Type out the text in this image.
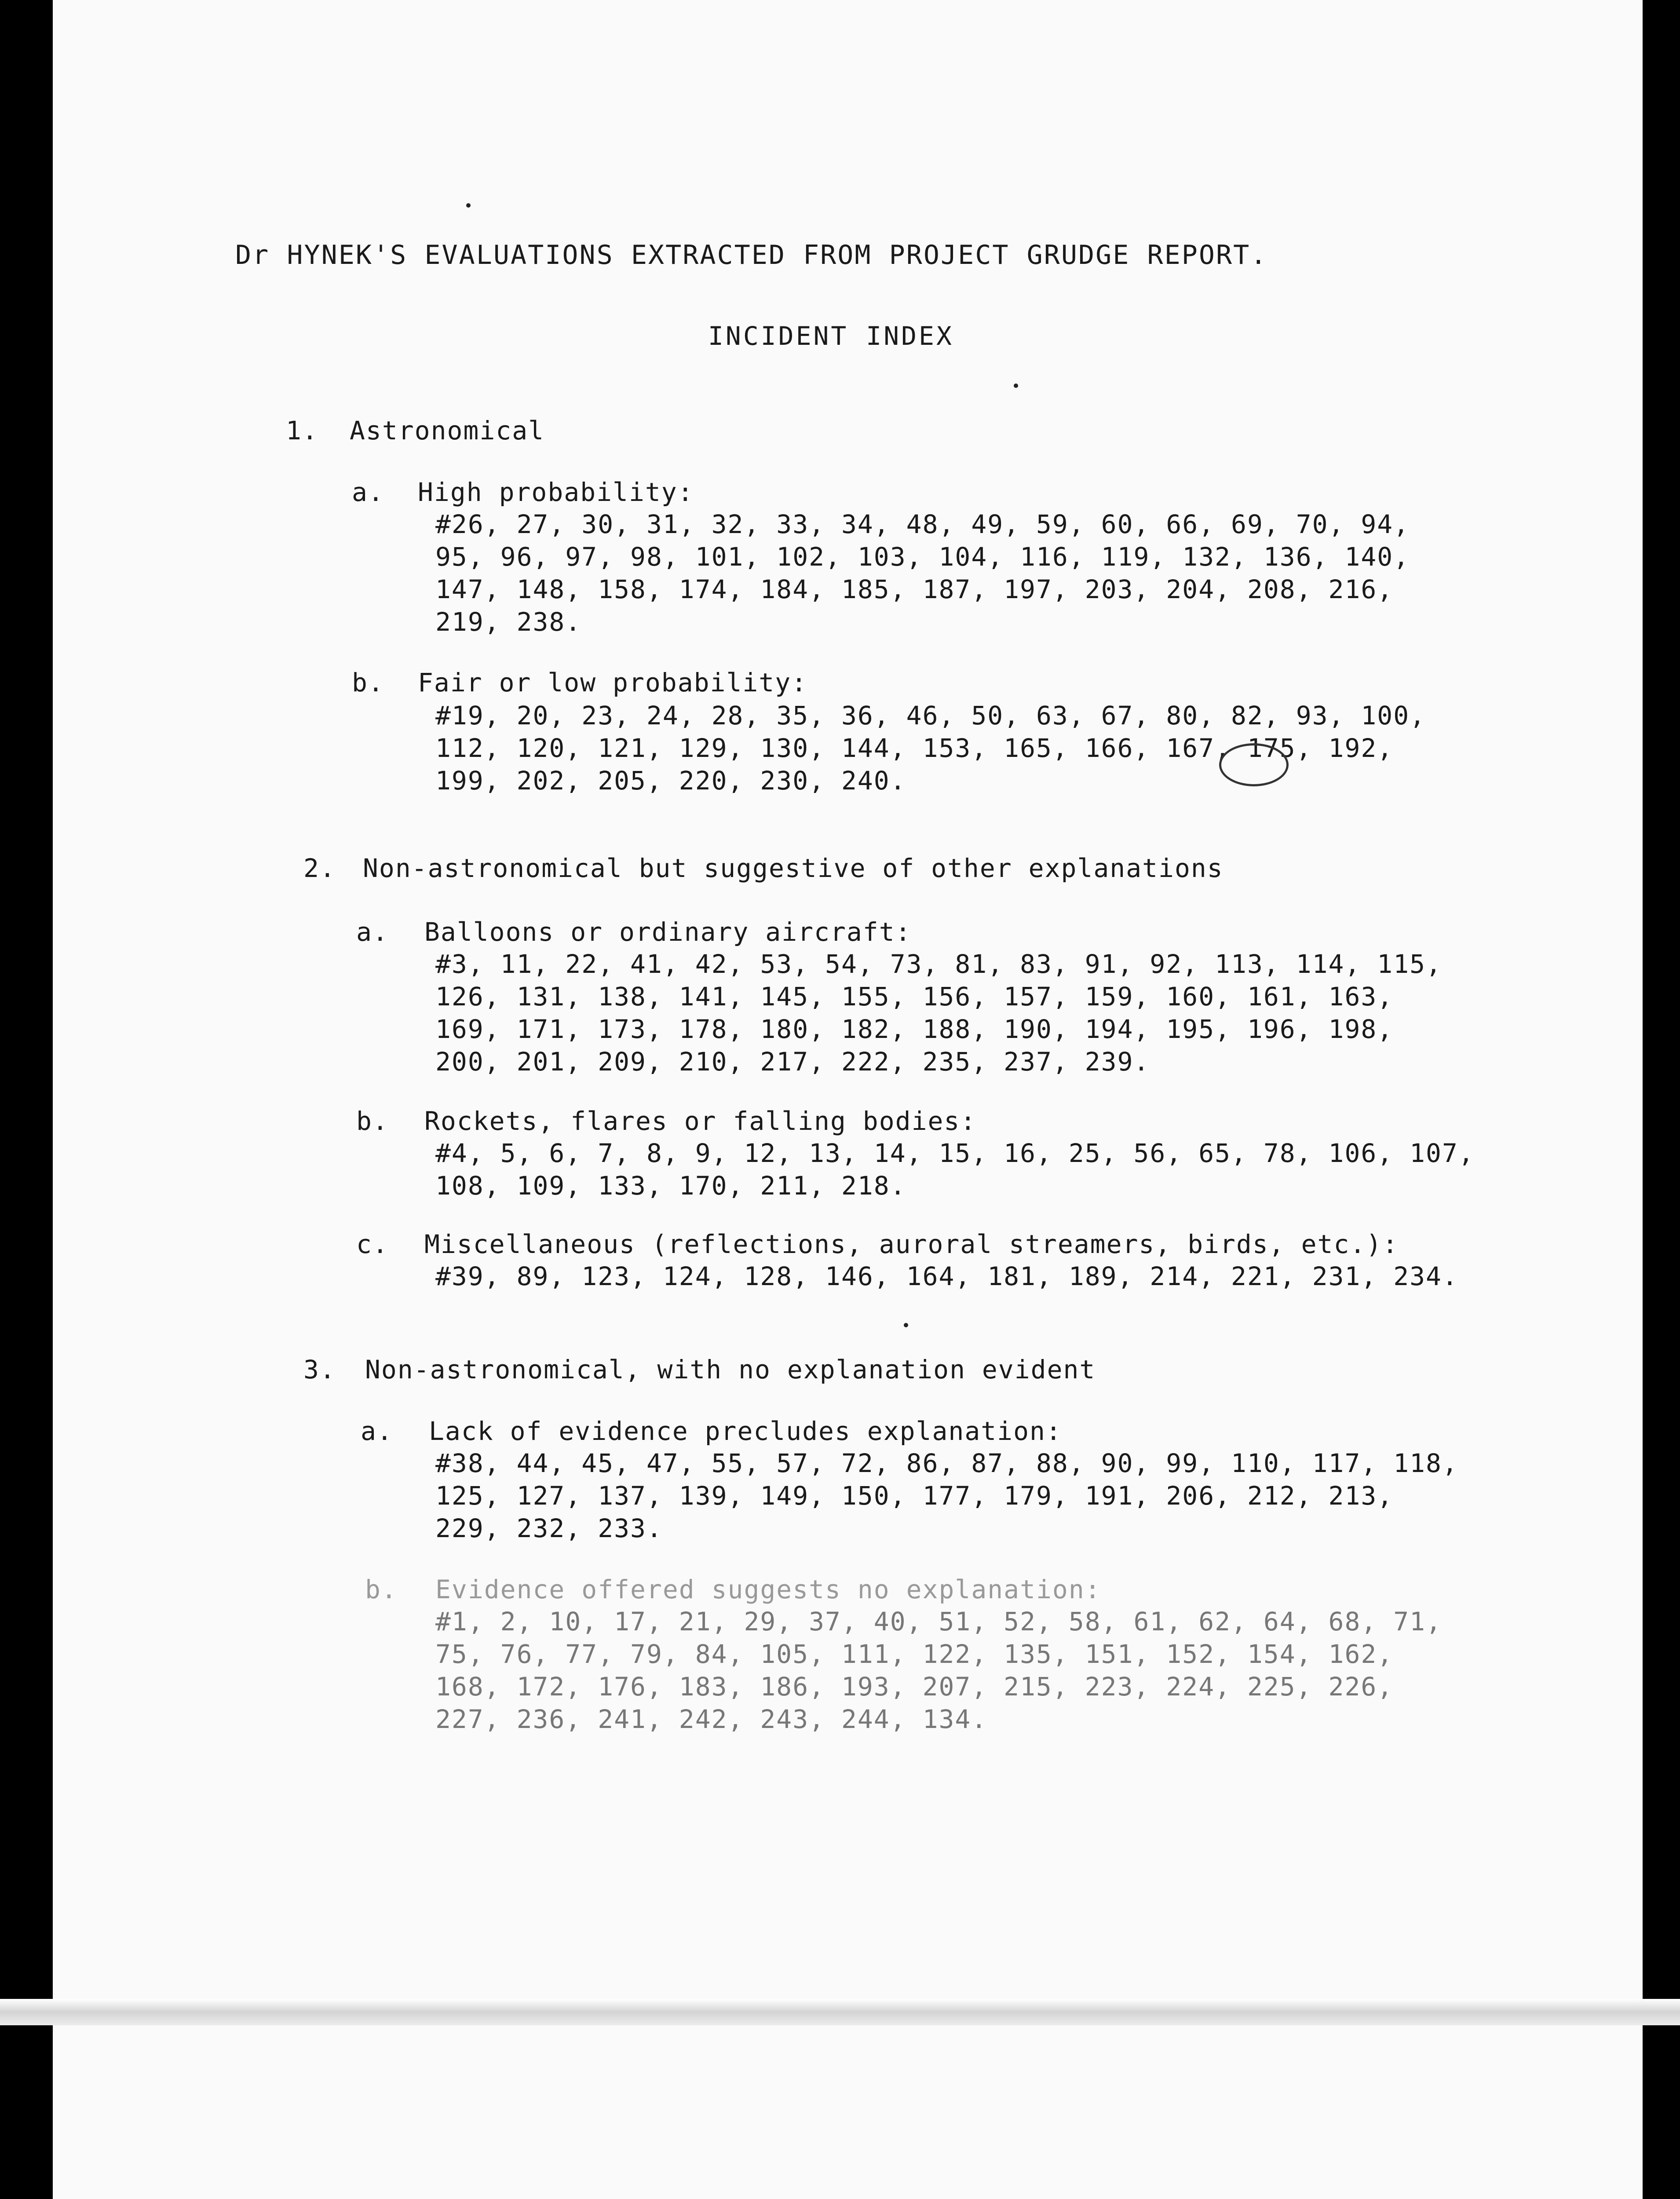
Dr HYNEK'S EVALUATIONS EXTRACTED FROM PROJECT GRUDGE REPORT.
INCIDENT INDEX
1. Astronomical
a. High probability:
#26, 27, 30, 31, 32, 33, 34, 48, 49, 59, 60, 66, 69, 70, 94,
95, 96, 97, 98, 101, 102, 103, 104, 116, 119, 132, 136, 140,
147, 148, 158, 174, 184, 185, 187, 197, 203, 204, 208, 216,
219, 238.
b. Fair or low probability:
#19, 20, 23, 24, 28, 35, 36, 46, 50, 63, 67, 80, 82, 93, 100,
112, 120, 121, 129, 130, 144, 153, 165, 166, 167, 175, 192,
199, 202, 205, 220, 230, 240.
2. Non-astronomical but suggestive of other explanations
a. Balloons or ordinary aircraft:
#3, 11, 22, 41, 42, 53, 54, 73, 81, 83, 91, 92, 113, 114, 115,
126, 131, 138, 141, 145, 155, 156, 157, 159, 160, 161, 163,
169, 171, 173, 178, 180, 182, 188, 190, 194, 195, 196, 198,
200, 201, 209, 210, 217, 222, 235, 237, 239.
b. Rockets, flares or falling bodies:
#4, 5, 6, 7, 8, 9, 12, 13, 14, 15, 16, 25, 56, 65, 78, 106, 107,
108, 109, 133, 170, 211, 218.
c. Miscellaneous (reflections, auroral streamers, birds, etc.):
#39, 89, 123, 124, 128, 146, 164, 181, 189, 214, 221, 231, 234.
3. Non-astronomical, with no explanation evident
a. Lack of evidence precludes explanation:
#38, 44, 45, 47, 55, 57, 72, 86, 87, 88, 90, 99, 110, 117, 118,
125, 127, 137, 139, 149, 150, 177, 179, 191, 206, 212, 213,
229, 232, 233.
b. Evidence offered suggests no explanation:
#1, 2, 10, 17, 21, 29, 37, 40, 51, 52, 58, 61, 62, 64, 68, 71,
75, 76, 77, 79, 84, 105, 111, 122, 135, 151, 152, 154, 162,
168, 172, 176, 183, 186, 193, 207, 215, 223, 224, 225, 226,
227, 236, 241, 242, 243, 244, 134.
